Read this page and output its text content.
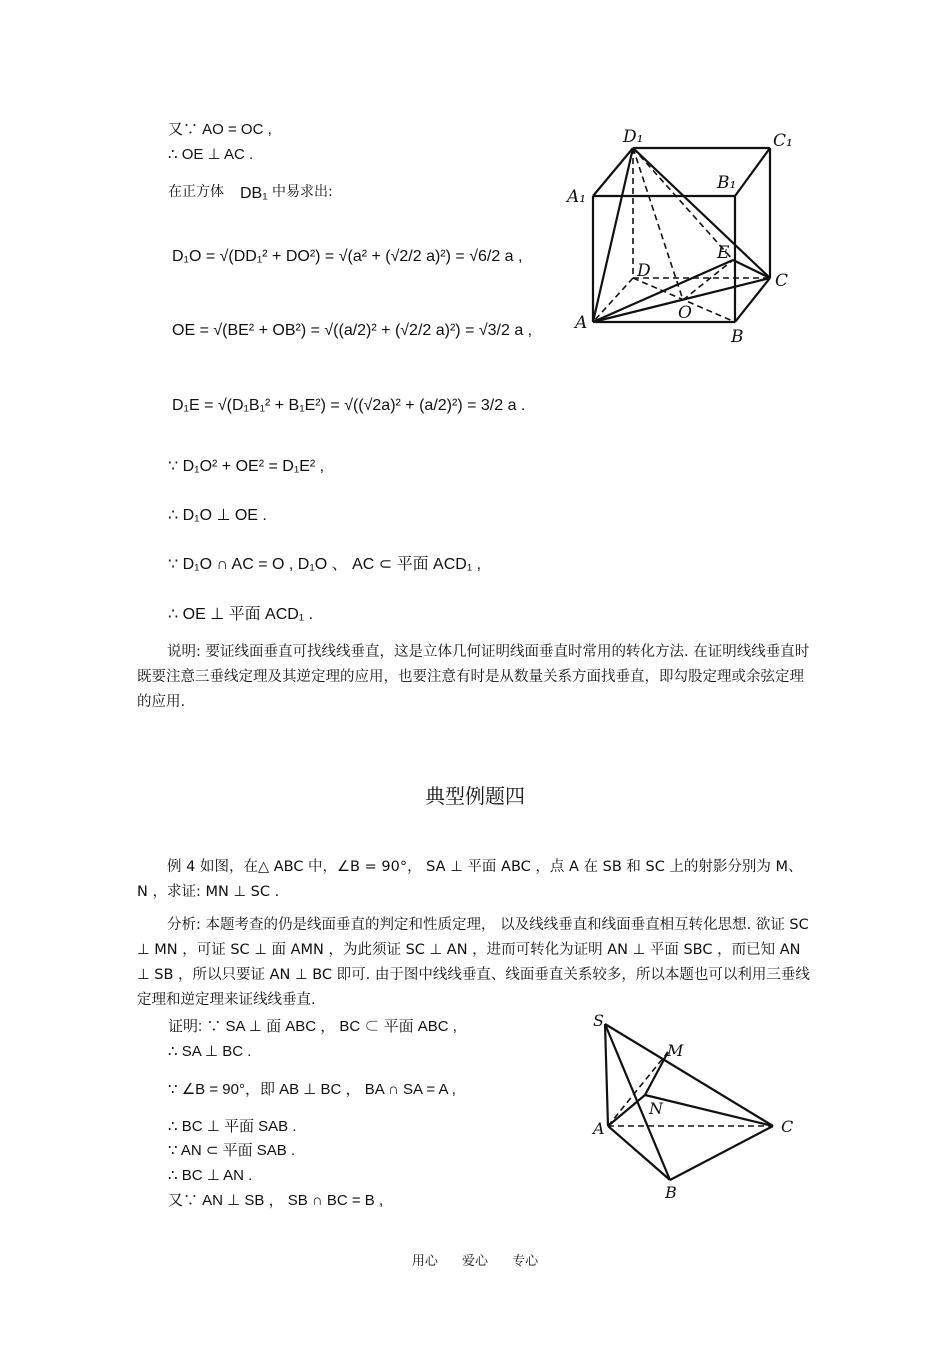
又∵ AO = OC ,
∴ OE ⊥ AC .
在正方体 DB₁ 中易求出:
D₁O = √(DD₁² + DO²) = √(a² + (√2/2 a)²) = √6/2 a ,
OE = √(BE² + OB²) = √((a/2)² + (√2/2 a)²) = √3/2 a ,
D₁E = √(D₁B₁² + B₁E²) = √((√2a)² + (a/2)²) = 3/2 a .
∵ D₁O² + OE² = D₁E² ,
∴ D₁O ⊥ OE .
∵ D₁O ∩ AC = O , D₁O 、 AC ⊂ 平面 ACD₁ ,
∴ OE ⊥ 平面 ACD₁ .
说明: 要证线面垂直可找线线垂直，这是立体几何证明线面垂直时常用的转化方法. 在证明线线垂直时既要注意三垂线定理及其逆定理的应用，也要注意有时是从数量关系方面找垂直，即勾股定理或余弦定理的应用.
D₁	C₁
A₁
B₁
D
E
C
A	O
B
典型例题四
例 4 如图，在△ ABC 中，∠B = 90°， SA ⊥ 平面 ABC ，点 A 在 SB 和 SC 上的射影分别为 M、 N ，求证: MN ⊥ SC .
分析: 本题考查的仍是线面垂直的判定和性质定理， 以及线线垂直和线面垂直相互转化思想. 欲证 SC ⊥ MN ，可证 SC ⊥ 面 AMN ，为此须证 SC ⊥ AN ，进而可转化为证明 AN ⊥ 平面 SBC ，而已知 AN ⊥ SB ，所以只要证 AN ⊥ BC 即可. 由于图中线线垂直、线面垂直关系较多，所以本题也可以利用三垂线定理和逆定理来证线线垂直.
证明: ∵ SA ⊥ 面 ABC ， BC ⊂ 平面 ABC ,
∴ SA ⊥ BC .
∵ ∠B = 90°，即 AB ⊥ BC ， BA ∩ SA = A ,
∴ BC ⊥ 平面 SAB .
∵ AN ⊂ 平面 SAB .
∴ BC ⊥ AN .
又∵ AN ⊥ SB ， SB ∩ BC = B ,
S
M
N
A	C
B
用心 爱心 专心
